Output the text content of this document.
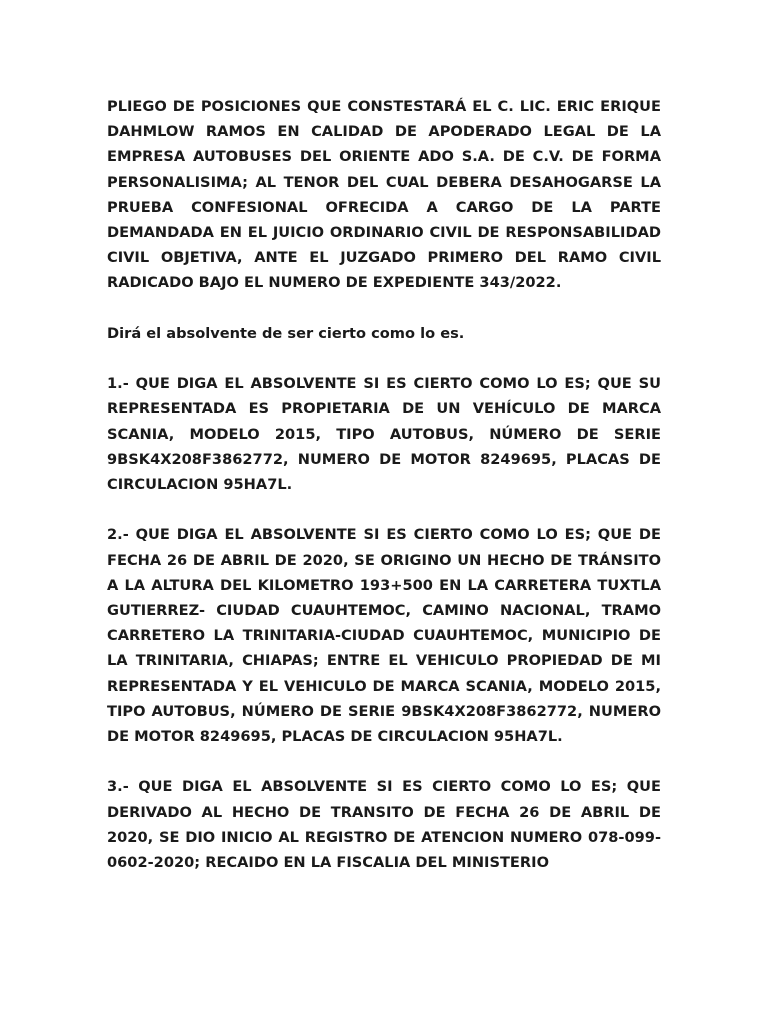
PLIEGO DE POSICIONES QUE CONSTESTARÁ EL C. LIC. ERIC ERIQUE DAHMLOW RAMOS EN CALIDAD DE APODERADO LEGAL DE LA EMPRESA AUTOBUSES DEL ORIENTE ADO S.A. DE C.V. DE FORMA PERSONALISIMA; AL TENOR DEL CUAL DEBERA DESAHOGARSE LA PRUEBA CONFESIONAL OFRECIDA A CARGO DE LA PARTE DEMANDADA EN EL JUICIO ORDINARIO CIVIL DE RESPONSABILIDAD CIVIL OBJETIVA, ANTE EL JUZGADO PRIMERO DEL RAMO CIVIL RADICADO BAJO EL NUMERO DE EXPEDIENTE 343/2022.

Dirá el absolvente de ser cierto como lo es.

1.- QUE DIGA EL ABSOLVENTE SI ES CIERTO COMO LO ES; QUE SU REPRESENTADA ES PROPIETARIA DE UN VEHÍCULO DE MARCA SCANIA, MODELO 2015, TIPO AUTOBUS, NÚMERO DE SERIE 9BSK4X208F3862772, NUMERO DE MOTOR 8249695, PLACAS DE CIRCULACION 95HA7L.

2.- QUE DIGA EL ABSOLVENTE SI ES CIERTO COMO LO ES; QUE DE FECHA 26 DE ABRIL DE 2020, SE ORIGINO UN HECHO DE TRÁNSITO A LA ALTURA DEL KILOMETRO 193+500 EN LA CARRETERA TUXTLA GUTIERREZ- CIUDAD CUAUHTEMOC, CAMINO NACIONAL, TRAMO CARRETERO LA TRINITARIA-CIUDAD CUAUHTEMOC, MUNICIPIO DE LA TRINITARIA, CHIAPAS; ENTRE EL VEHICULO PROPIEDAD DE MI REPRESENTADA Y EL VEHICULO DE MARCA SCANIA, MODELO 2015, TIPO AUTOBUS, NÚMERO DE SERIE 9BSK4X208F3862772, NUMERO DE MOTOR 8249695, PLACAS DE CIRCULACION 95HA7L.

3.- QUE DIGA EL ABSOLVENTE SI ES CIERTO COMO LO ES; QUE DERIVADO AL HECHO DE TRANSITO DE FECHA 26 DE ABRIL DE 2020, SE DIO INICIO AL REGISTRO DE ATENCION NUMERO 078-099-0602-2020; RECAIDO EN LA FISCALIA DEL MINISTERIO
